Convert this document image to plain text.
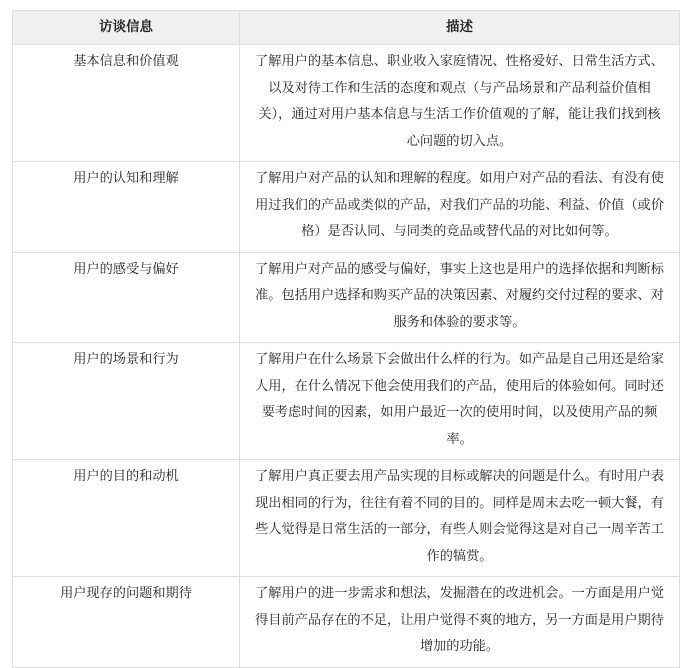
访谈信息	描述
基本信息和价值观	了解用户的基本信息、职业收入家庭情况、性格爱好、日常生活方式、以及对待工作和生活的态度和观点（与产品场景和产品利益价值相关），通过对用户基本信息与生活工作价值观的了解，能让我们找到核心问题的切入点。
用户的认知和理解	了解用户对产品的认知和理解的程度。如用户对产品的看法、有没有使用过我们的产品或类似的产品，对我们产品的功能、利益、价值（或价格）是否认同、与同类的竞品或替代品的对比如何等。
用户的感受与偏好	了解用户对产品的感受与偏好，事实上这也是用户的选择依据和判断标准。包括用户选择和购买产品的决策因素、对履约交付过程的要求、对服务和体验的要求等。
用户的场景和行为	了解用户在什么场景下会做出什么样的行为。如产品是自己用还是给家人用，在什么情况下他会使用我们的产品，使用后的体验如何。同时还要考虑时间的因素，如用户最近一次的使用时间，以及使用产品的频率。
用户的目的和动机	了解用户真正要去用产品实现的目标或解决的问题是什么。有时用户表现出相同的行为，往往有着不同的目的。同样是周末去吃一顿大餐，有些人觉得是日常生活的一部分，有些人则会觉得这是对自己一周辛苦工作的犒赏。
用户现存的问题和期待	了解用户的进一步需求和想法，发掘潜在的改进机会。一方面是用户觉得目前产品存在的不足，让用户觉得不爽的地方，另一方面是用户期待增加的功能。
